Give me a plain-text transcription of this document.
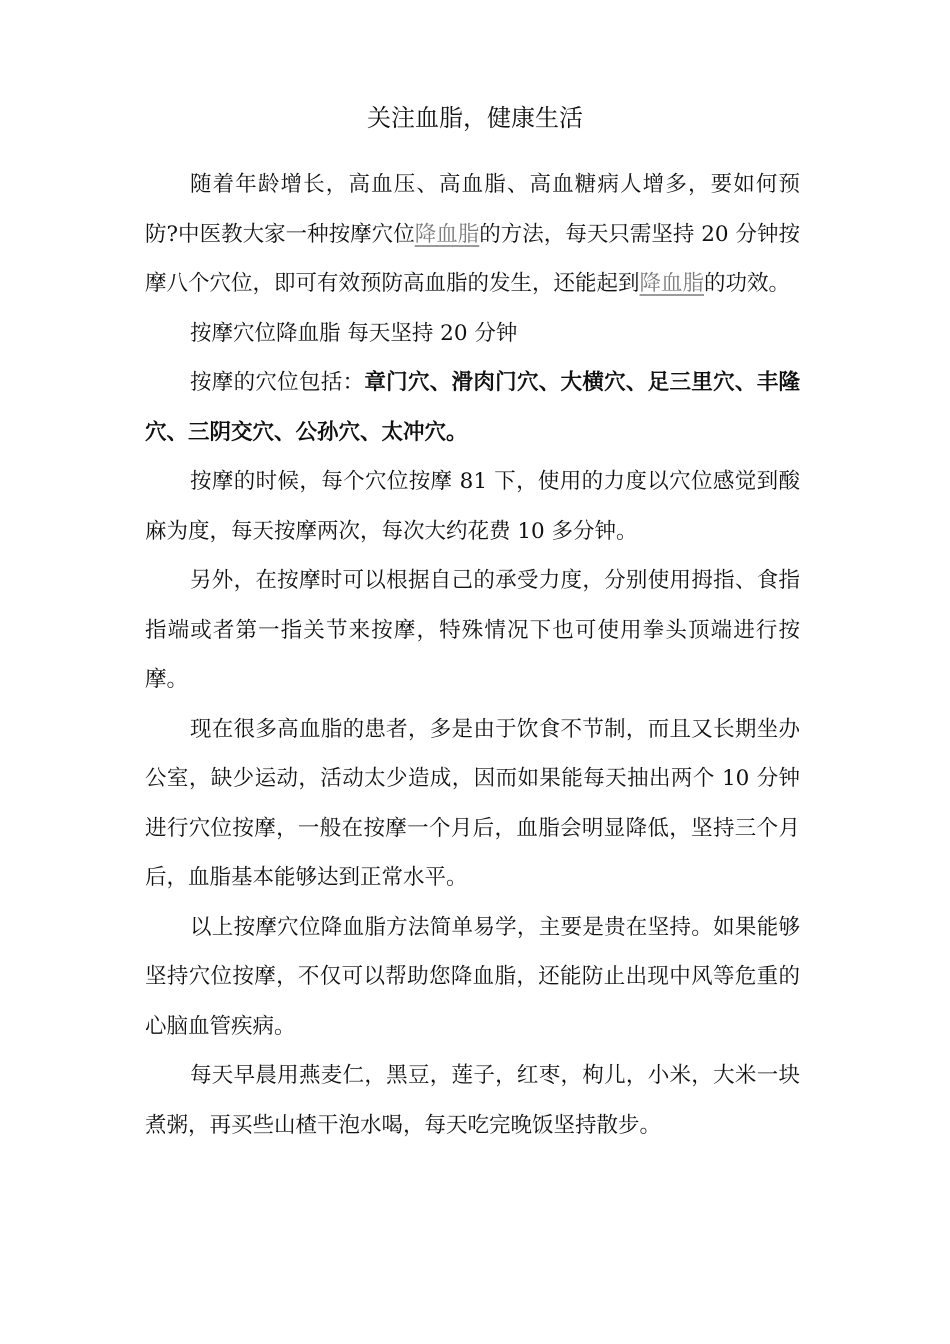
关注血脂，健康生活

随着年龄增长，高血压、高血脂、高血糖病人增多，要如何预防?中医教大家一种按摩穴位降血脂的方法，每天只需坚持 20 分钟按摩八个穴位，即可有效预防高血脂的发生，还能起到降血脂的功效。

按摩穴位降血脂 每天坚持 20 分钟

按摩的穴位包括：章门穴、滑肉门穴、大横穴、足三里穴、丰隆穴、三阴交穴、公孙穴、太冲穴。

按摩的时候，每个穴位按摩 81 下，使用的力度以穴位感觉到酸麻为度，每天按摩两次，每次大约花费 10 多分钟。

另外，在按摩时可以根据自己的承受力度，分别使用拇指、食指指端或者第一指关节来按摩，特殊情况下也可使用拳头顶端进行按摩。

现在很多高血脂的患者，多是由于饮食不节制，而且又长期坐办公室，缺少运动，活动太少造成，因而如果能每天抽出两个 10 分钟进行穴位按摩，一般在按摩一个月后，血脂会明显降低，坚持三个月后，血脂基本能够达到正常水平。

以上按摩穴位降血脂方法简单易学，主要是贵在坚持。如果能够坚持穴位按摩，不仅可以帮助您降血脂，还能防止出现中风等危重的心脑血管疾病。

每天早晨用燕麦仁，黑豆，莲子，红枣，枸儿，小米，大米一块煮粥，再买些山楂干泡水喝，每天吃完晚饭坚持散步。
